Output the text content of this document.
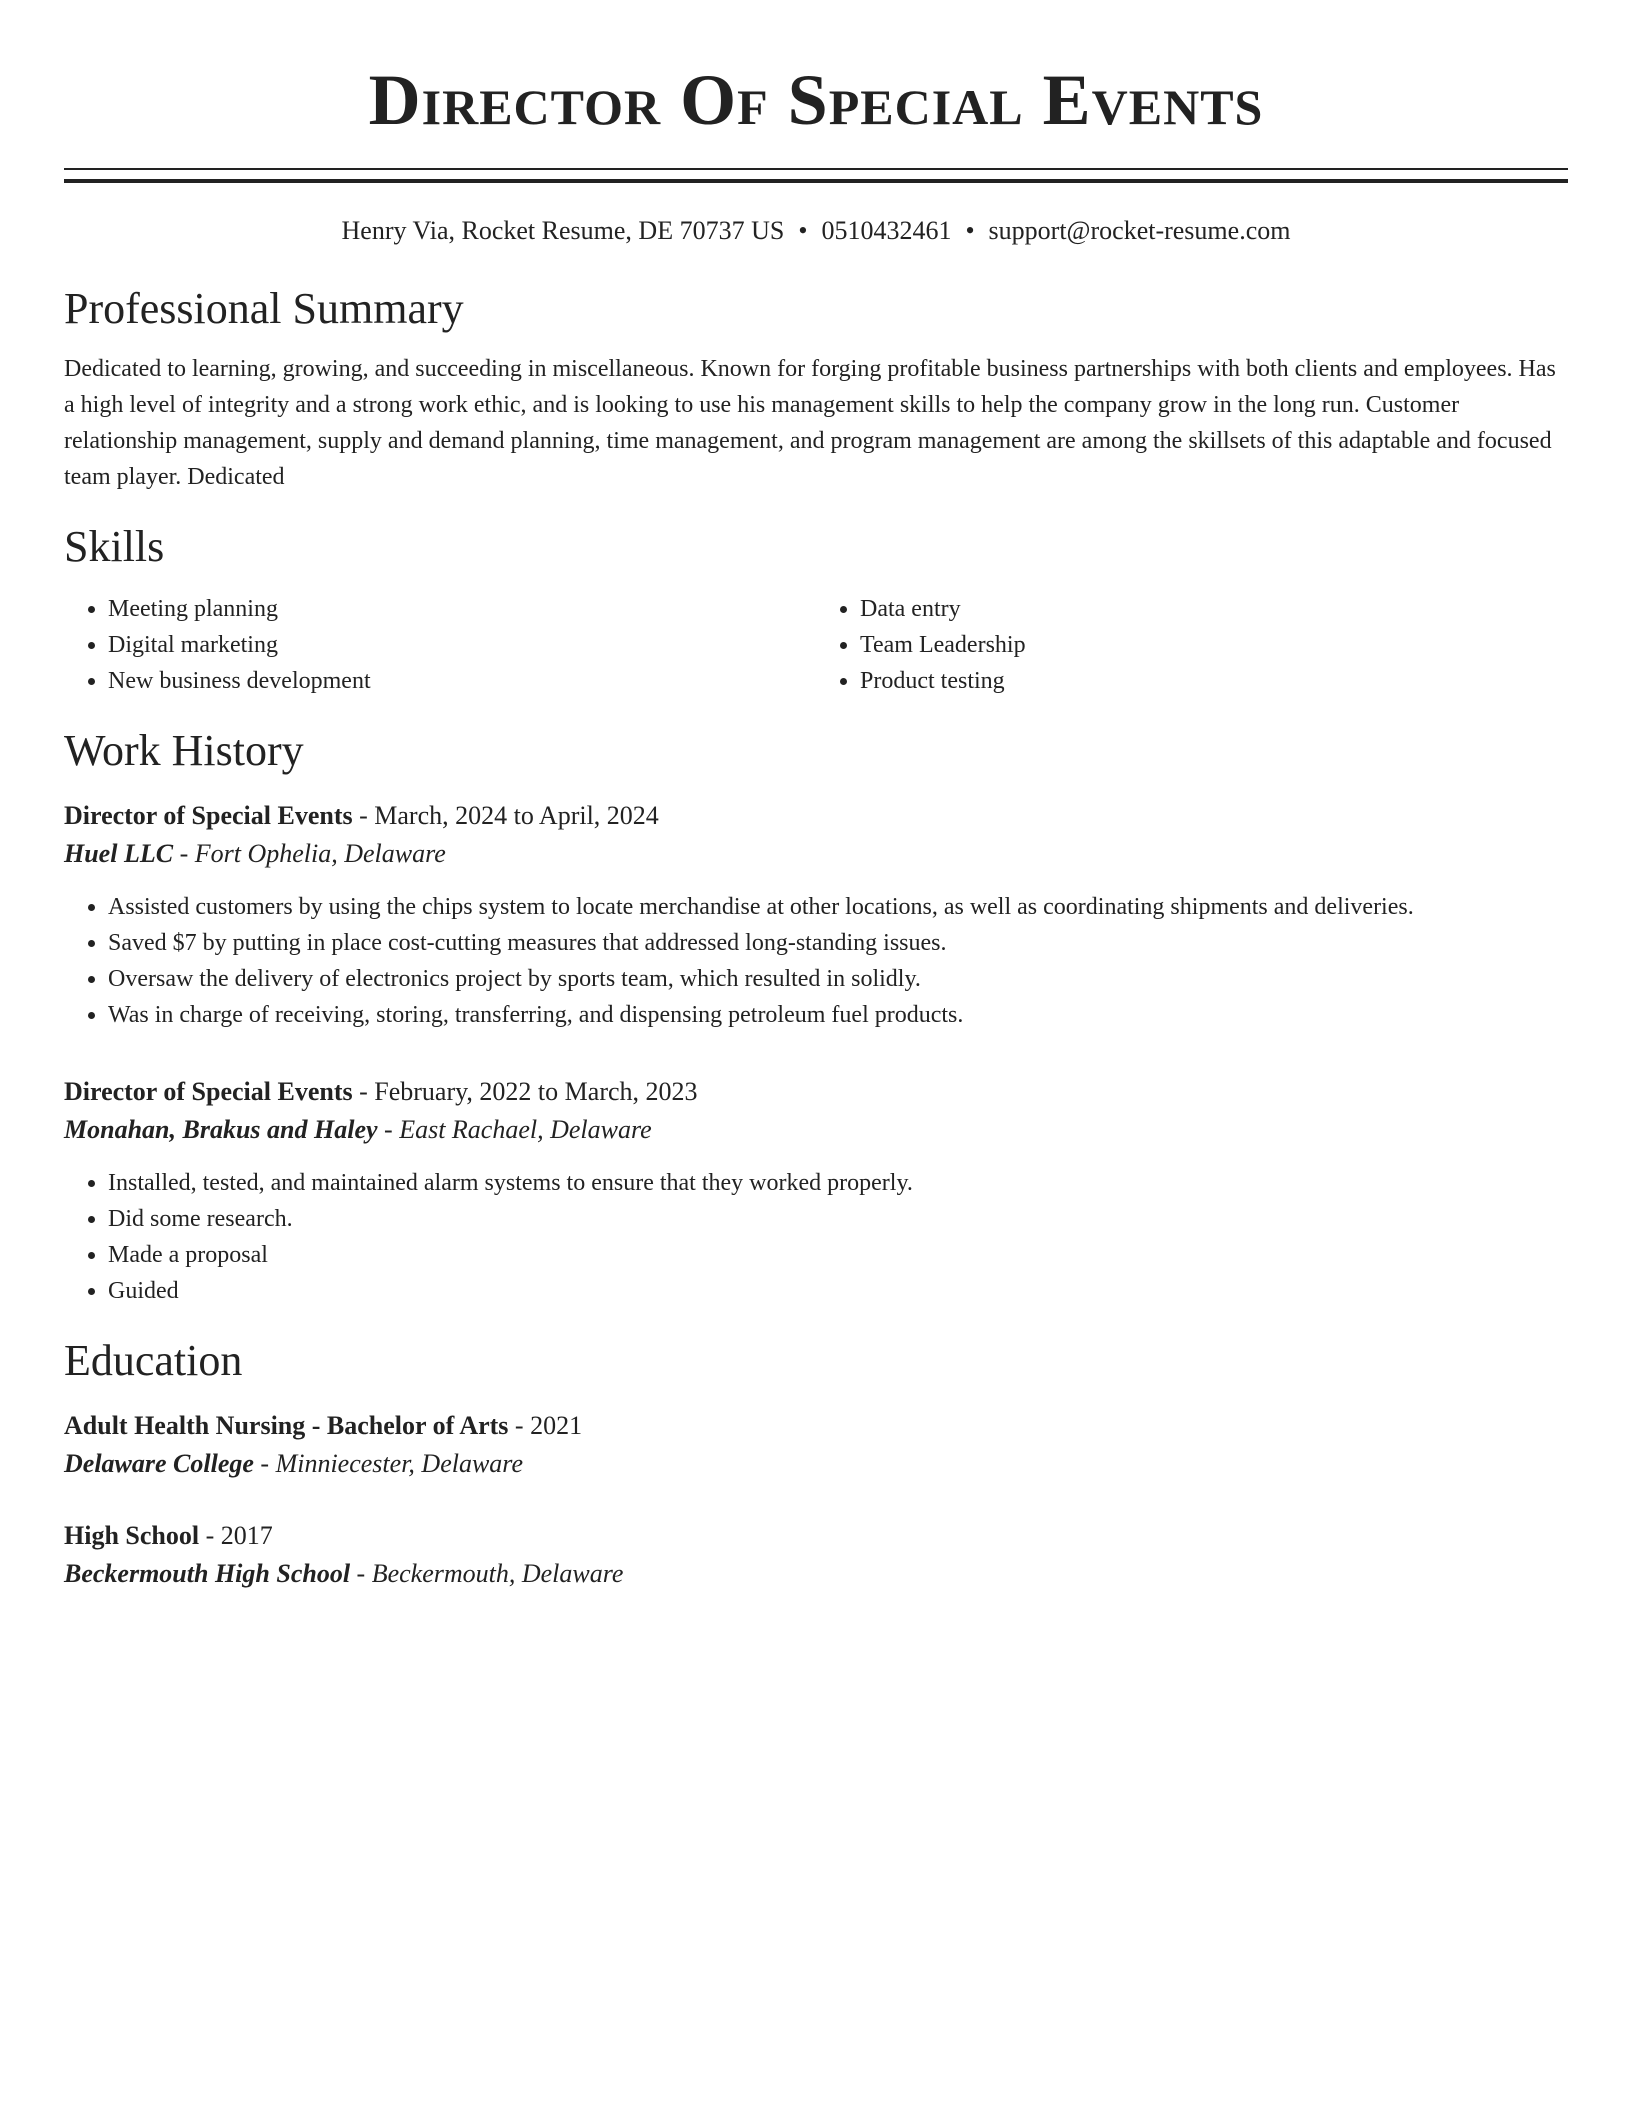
Director Of Special Events
Henry Via, Rocket Resume, DE 70737 US • 0510432461 • support@rocket-resume.com
Professional Summary

Dedicated to learning, growing, and succeeding in miscellaneous. Known for forging profitable business partnerships with both clients and employees. Has a high level of integrity and a strong work ethic, and is looking to use his management skills to help the company grow in the long run. Customer relationship management, supply and demand planning, time management, and program management are among the skillsets of this adaptable and focused team player. Dedicated

Skills
• Meeting planning
• Digital marketing
• New business development
• Data entry
• Team Leadership
• Product testing
Work History
Director of Special Events - March, 2024 to April, 2024
Huel LLC - Fort Ophelia, Delaware
• Assisted customers by using the chips system to locate merchandise at other locations, as well as coordinating shipments and deliveries.
• Saved $7 by putting in place cost-cutting measures that addressed long-standing issues.
• Oversaw the delivery of electronics project by sports team, which resulted in solidly.
• Was in charge of receiving, storing, transferring, and dispensing petroleum fuel products.
Director of Special Events - February, 2022 to March, 2023
Monahan, Brakus and Haley - East Rachael, Delaware
• Installed, tested, and maintained alarm systems to ensure that they worked properly.
• Did some research.
• Made a proposal
• Guided
Education
Adult Health Nursing - Bachelor of Arts - 2021
Delaware College - Minniecester, Delaware
High School - 2017
Beckermouth High School - Beckermouth, Delaware
